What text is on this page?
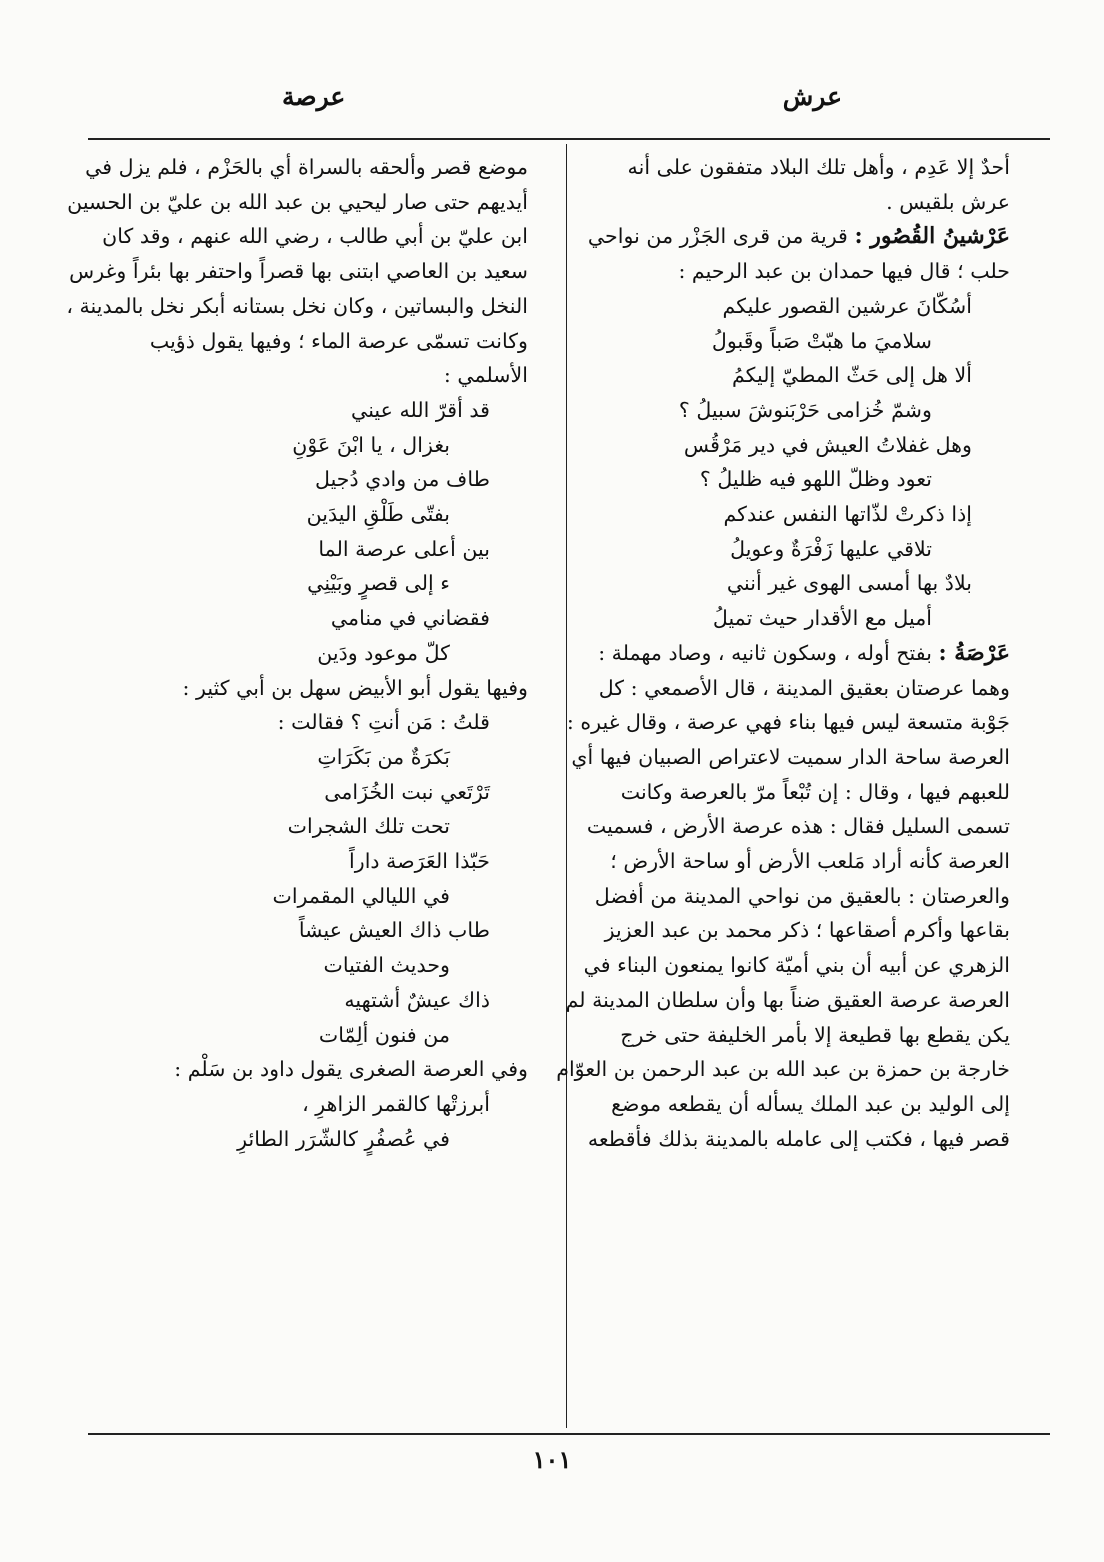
عرش
عرصة

أحدٌ إلا عَدِم ، وأهل تلك البلاد متفقون على أنه

عرش بلقيس .

عَرْشينُ القُصُور : قرية من قرى الجَزْر من نواحي

حلب ؛ قال فيها حمدان بن عبد الرحيم :

أسُكّانَ عرشين القصور عليكم

سلاميَ ما هبّتْ صَباً وقَبولُ

ألا هل إلى حَثّ المطيّ إليكمُ

وشمّ خُزامى حَرْبَنوشَ سبيلُ ؟

وهل غفلاتُ العيش في دير مَرْقُس

تعود وظلّ اللهو فيه ظليلُ ؟

إذا ذكرتْ لذّاتها النفس عندكم

تلاقي عليها زَفْرَةٌ وعويلُ

بلادٌ بها أمسى الهوى غير أنني

أميل مع الأقدار حيث تميلُ

عَرْصَةُ : بفتح أوله ، وسكون ثانيه ، وصاد مهملة :

وهما عرصتان بعقيق المدينة ، قال الأصمعي : كل

جَوْبة متسعة ليس فيها بناء فهي عرصة ، وقال غيره :

العرصة ساحة الدار سميت لاعتراص الصبيان فيها أي

للعبهم فيها ، وقال : إن تُبْعاً مرّ بالعرصة وكانت

تسمى السليل فقال : هذه عرصة الأرض ، فسميت

العرصة كأنه أراد مَلعب الأرض أو ساحة الأرض ؛

والعرصتان : بالعقيق من نواحي المدينة من أفضل

بقاعها وأكرم أصقاعها ؛ ذكر محمد بن عبد العزيز

الزهري عن أبيه أن بني أميّة كانوا يمنعون البناء في

العرصة عرصة العقيق ضناً بها وأن سلطان المدينة لم

يكن يقطع بها قطيعة إلا بأمر الخليفة حتى خرج

خارجة بن حمزة بن عبد الله بن عبد الرحمن بن العوّام

إلى الوليد بن عبد الملك يسأله أن يقطعه موضع

قصر فيها ، فكتب إلى عامله بالمدينة بذلك فأقطعه

موضع قصر وألحقه بالسراة أي بالحَزْم ، فلم يزل في

أيديهم حتى صار ليحيي بن عبد الله بن عليّ بن الحسين

ابن عليّ بن أبي طالب ، رضي الله عنهم ، وقد كان

سعيد بن العاصي ابتنى بها قصراً واحتفر بها بئراً وغرس

النخل والبساتين ، وكان نخل بستانه أبكر نخل بالمدينة ،

وكانت تسمّى عرصة الماء ؛ وفيها يقول ذؤيب

الأسلمي :

قد أقرّ الله عيني

بغزال ، يا ابْنَ عَوْنِ

طاف من وادي دُجيل

بفتّى طَلْقِ اليدَين

بين أعلى عرصة الما

ء إلى قصرٍ وبَيْنِي

فقضاني في منامي

كلّ موعود ودَين

وفيها يقول أبو الأبيض سهل بن أبي كثير :

قلتُ : مَن أنتِ ؟ فقالت :

بَكرَةٌ من بَكَرَاتِ

تَرْتَعي نبت الخُزَامى

تحت تلك الشجرات

حَبّذا العَرَصة داراً

في الليالي المقمرات

طاب ذاك العيش عيشاً

وحديث الفتيات

ذاك عيشٌ أشتهيه

من فنون ألِمّات

وفي العرصة الصغرى يقول داود بن سَلْم :

أبرزتْها كالقمر الزاهرِ ،

في عُصفُرٍ كالشّرَر الطائرِ

١٠١
